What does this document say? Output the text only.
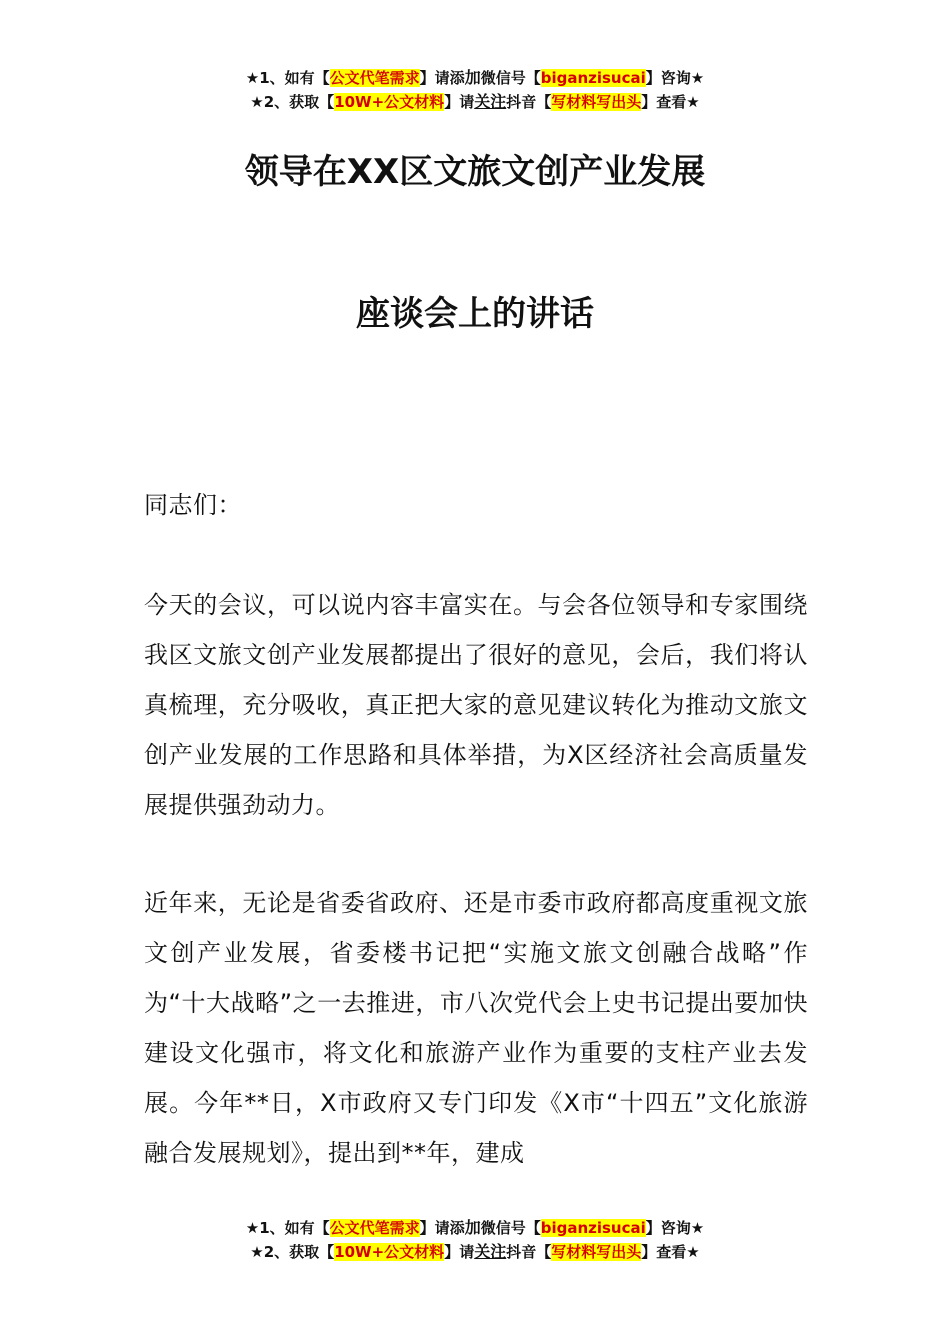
★1、如有【公文代笔需求】请添加微信号【biganzisucai】咨询★
★2、获取【10W+公文材料】请关注抖音【写材料写出头】查看★
领导在XX区文旅文创产业发展
座谈会上的讲话

同志们：

今天的会议，可以说内容丰富实在。与会各位领导和专家围绕我区文旅文创产业发展都提出了很好的意见，会后，我们将认真梳理，充分吸收，真正把大家的意见建议转化为推动文旅文创产业发展的工作思路和具体举措，为X区经济社会高质量发展提供强劲动力。

近年来，无论是省委省政府、还是市委市政府都高度重视文旅文创产业发展，省委楼书记把“实施文旅文创融合战略”作为“十大战略”之一去推进，市八次党代会上史书记提出要加快建设文化强市，将文化和旅游产业作为重要的支柱产业去发展。今年**日，X市政府又专门印发《X市“十四五”文化旅游融合发展规划》，提出到**年，建成

★1、如有【公文代笔需求】请添加微信号【biganzisucai】咨询★
★2、获取【10W+公文材料】请关注抖音【写材料写出头】查看★
